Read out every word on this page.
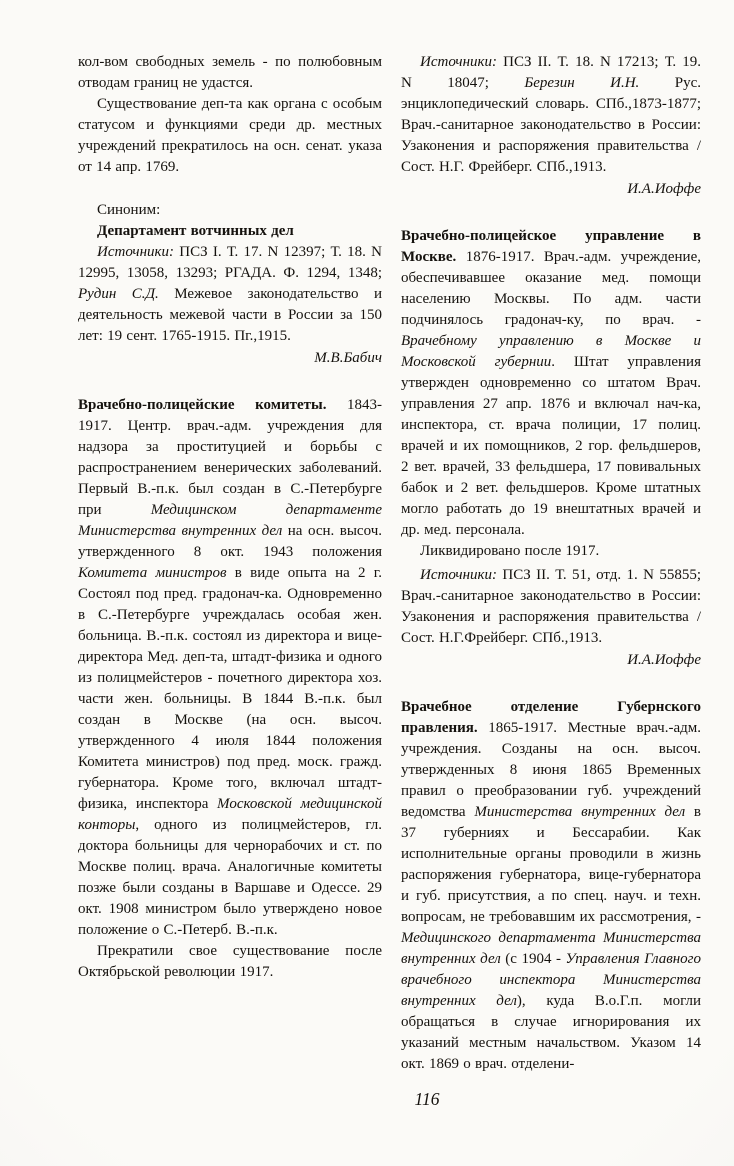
кол-вом свободных земель - по полюбовным отводам границ не удастся.

Существование деп-та как органа с особым статусом и функциями среди др. местных учреждений прекратилось на осн. сенат. указа от 14 апр. 1769.

Синоним:

Департамент вотчинных дел

Источники: ПСЗ I. Т. 17. N 12397; Т. 18. N 12995, 13058, 13293; РГАДА. Ф. 1294, 1348; Рудин С.Д. Межевое законодательство и деятельность межевой части в России за 150 лет: 19 сент. 1765-1915. Пг.,1915.

М.В.Бабич

Врачебно-полицейские комитеты. 1843-1917. Центр. врач.-адм. учреждения для надзора за проституцией и борьбы с распространением венерических заболеваний. Первый В.-п.к. был создан в С.-Петербурге при Медицинском департаменте Министерства внутренних дел на осн. высоч. утвержденного 8 окт. 1943 положения Комитета министров в виде опыта на 2 г. Состоял под пред. градонач-ка. Одновременно в С.-Петербурге учреждалась особая жен. больница. В.-п.к. состоял из директора и вице-директора Мед. деп-та, штадт-физика и одного из полицмейстеров - почетного директора хоз. части жен. больницы. В 1844 В.-п.к. был создан в Москве (на осн. высоч. утвержденного 4 июля 1844 положения Комитета министров) под пред. моск. гражд. губернатора. Кроме того, включал штадт-физика, инспектора Московской медицинской конторы, одного из полицмейстеров, гл. доктора больницы для чернорабочих и ст. по Москве полиц. врача. Аналогичные комитеты позже были созданы в Варшаве и Одессе. 29 окт. 1908 министром было утверждено новое положение о С.-Петерб. В.-п.к.

Прекратили свое существование после Октябрьской революции 1917.

Источники: ПСЗ II. Т. 18. N 17213; Т. 19. N 18047; Березин И.Н. Рус. энциклопедический словарь. СПб.,1873-1877; Врач.-санитарное законодательство в России: Узаконения и распоряжения правительства /Сост. Н.Г. Фрейберг. СПб.,1913.

И.А.Иоффе

Врачебно-полицейское управление в Москве. 1876-1917. Врач.-адм. учреждение, обеспечивавшее оказание мед. помощи населению Москвы. По адм. части подчинялось градонач-ку, по врач. - Врачебному управлению в Москве и Московской губернии. Штат управления утвержден одновременно со штатом Врач. управления 27 апр. 1876 и включал нач-ка, инспектора, ст. врача полиции, 17 полиц. врачей и их помощников, 2 гор. фельдшеров, 2 вет. врачей, 33 фельдшера, 17 повивальных бабок и 2 вет. фельдшеров. Кроме штатных могло работать до 19 внештатных врачей и др. мед. персонала.

Ликвидировано после 1917.

Источники: ПСЗ II. Т. 51, отд. 1. N 55855; Врач.-санитарное законодательство в России: Узаконения и распоряжения правительства /Сост. Н.Г.Фрейберг. СПб.,1913.

И.А.Иоффе

Врачебное отделение Губернского правления. 1865-1917. Местные врач.-адм. учреждения. Созданы на осн. высоч. утвержденных 8 июня 1865 Временных правил о преобразовании губ. учреждений ведомства Министерства внутренних дел в 37 губерниях и Бессарабии. Как исполнительные органы проводили в жизнь распоряжения губернатора, вице-губернатора и губ. присутствия, а по спец. науч. и техн. вопросам, не требовавшим их рассмотрения, - Медицинского департамента Министерства внутренних дел (с 1904 - Управления Главного врачебного инспектора Министерства внутренних дел), куда В.о.Г.п. могли обращаться в случае игнорирования их указаний местным начальством. Указом 14 окт. 1869 о врач. отделени-

116
